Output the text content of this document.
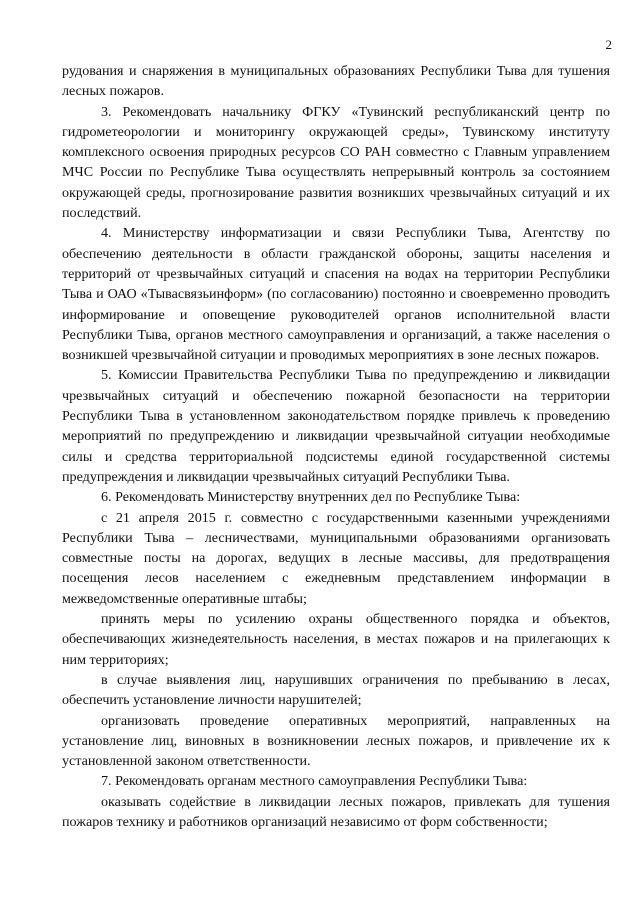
2

рудования и снаряжения в муниципальных образованиях Республики Тыва для тушения лесных пожаров.

3. Рекомендовать начальнику ФГКУ «Тувинский республиканский центр по гидрометеорологии и мониторингу окружающей среды», Тувинскому институту комплексного освоения природных ресурсов СО РАН совместно с Главным управлением МЧС России по Республике Тыва осуществлять непрерывный контроль за состоянием окружающей среды, прогнозирование развития возникших чрезвычайных ситуаций и их последствий.

4. Министерству информатизации и связи Республики Тыва, Агентству по обеспечению деятельности в области гражданской обороны, защиты населения и территорий от чрезвычайных ситуаций и спасения на водах на территории Республики Тыва и ОАО «Тывасвязьинформ» (по согласованию) постоянно и своевременно проводить информирование и оповещение руководителей органов исполнительной власти Республики Тыва, органов местного самоуправления и организаций, а также населения о возникшей чрезвычайной ситуации и проводимых мероприятиях в зоне лесных пожаров.

5. Комиссии Правительства Республики Тыва по предупреждению и ликвидации чрезвычайных ситуаций и обеспечению пожарной безопасности на территории Республики Тыва в установленном законодательством порядке привлечь к проведению мероприятий по предупреждению и ликвидации чрезвычайной ситуации необходимые силы и средства территориальной подсистемы единой государственной системы предупреждения и ликвидации чрезвычайных ситуаций Республики Тыва.

6. Рекомендовать Министерству внутренних дел по Республике Тыва:

с 21 апреля 2015 г. совместно с государственными казенными учреждениями Республики Тыва – лесничествами, муниципальными образованиями организовать совместные посты на дорогах, ведущих в лесные массивы, для предотвращения посещения лесов населением с ежедневным представлением информации в межведомственные оперативные штабы;

принять меры по усилению охраны общественного порядка и объектов, обеспечивающих жизнедеятельность населения, в местах пожаров и на прилегающих к ним территориях;

в случае выявления лиц, нарушивших ограничения по пребыванию в лесах, обеспечить установление личности нарушителей;

организовать проведение оперативных мероприятий, направленных на установление лиц, виновных в возникновении лесных пожаров, и привлечение их к установленной законом ответственности.

7. Рекомендовать органам местного самоуправления Республики Тыва:

оказывать содействие в ликвидации лесных пожаров, привлекать для тушения пожаров технику и работников организаций независимо от форм собственности;
